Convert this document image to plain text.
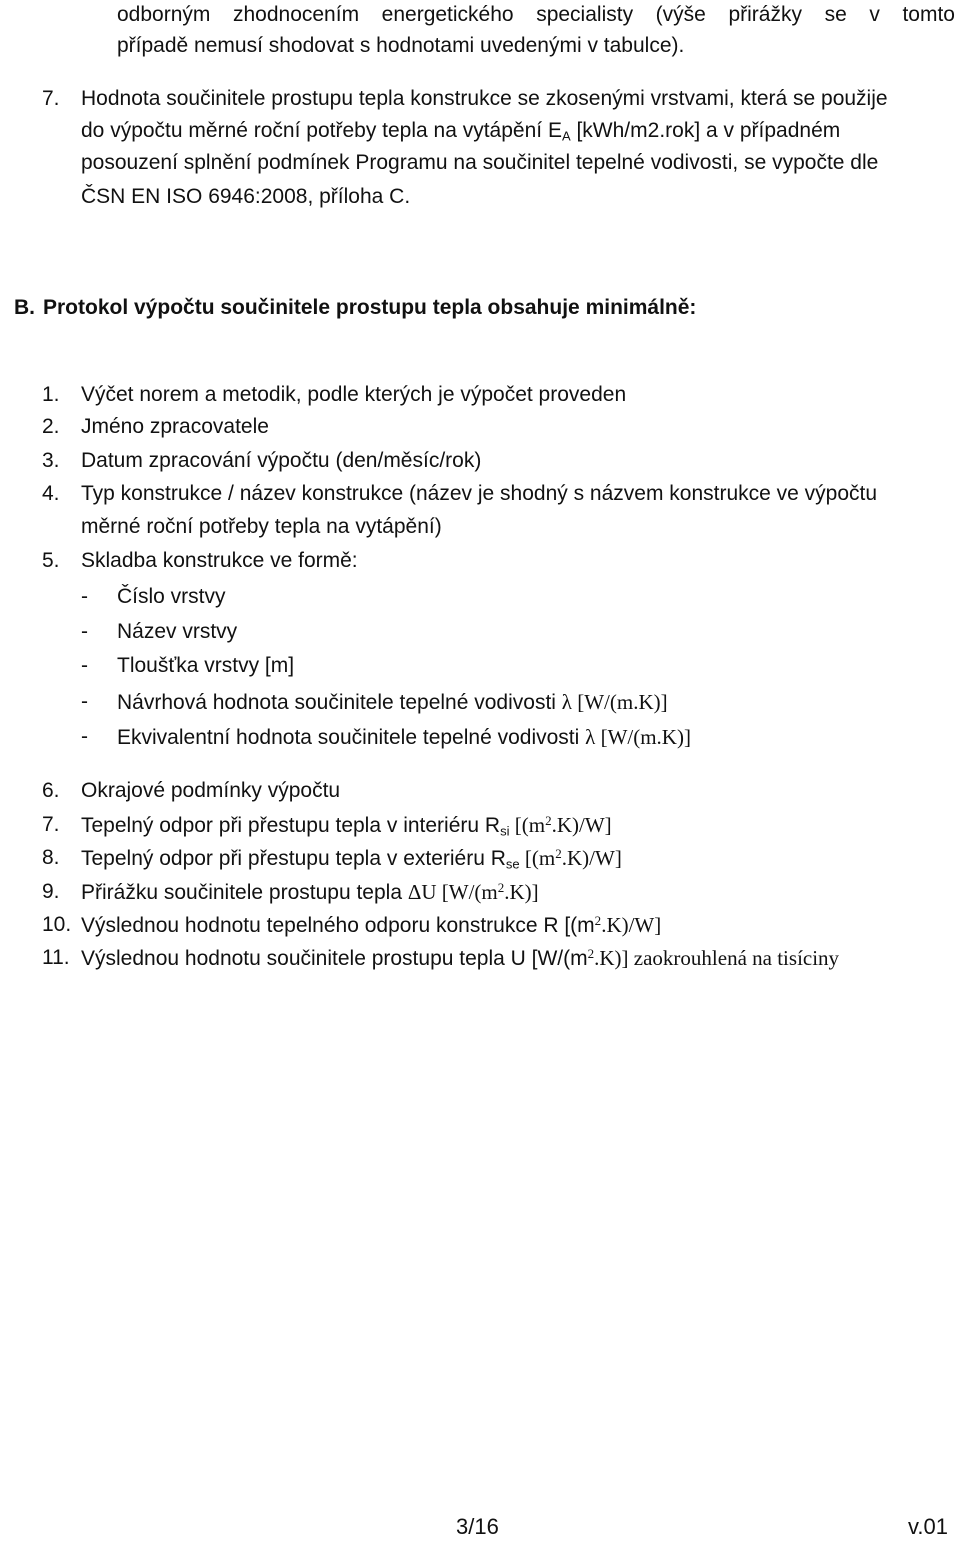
odborným zhodnocením energetického specialisty (výše přirážky se v tomto
případě nemusí shodovat s hodnotami uvedenými v tabulce).
7. Hodnota součinitele prostupu tepla konstrukce se zkosenými vrstvami, která se použije
do výpočtu měrné roční potřeby tepla na vytápění $E_A$ [kWh/m2.rok] a v případném
posouzení splnění podmínek Programu na součinitel tepelné vodivosti, se vypočte dle
ČSN EN ISO 6946:2008, příloha C.
B. Protokol výpočtu součinitele prostupu tepla obsahuje minimálně:
1. Výčet norem a metodik, podle kterých je výpočet proveden
2. Jméno zpracovatele
3. Datum zpracování výpočtu (den/měsíc/rok)
4. Typ konstrukce / název konstrukce (název je shodný s názvem konstrukce ve výpočtu
měrné roční potřeby tepla na vytápění)
5. Skladba konstrukce ve formě:
- Číslo vrstvy
- Název vrstvy
- Tloušťka vrstvy [m]
- Návrhová hodnota součinitele tepelné vodivosti λ [W/(m.K)]
- Ekvivalentní hodnota součinitele tepelné vodivosti λ [W/(m.K)]
6. Okrajové podmínky výpočtu
7. Tepelný odpor při přestupu tepla v interiéru $R_{si}$ $[(m^2.K)/W]$
8. Tepelný odpor při přestupu tepla v exteriéru $R_{se}$ $[(m^2.K)/W]$
9. Přirážku součinitele prostupu tepla ΔU $[W/(m^2.K)]$
10. Výslednou hodnotu tepelného odporu konstrukce R $[(m^2.K)/W]$
11. Výslednou hodnotu součinitele prostupu tepla U $[W/(m^2.K)]$ zaokrouhlená na tisíciny
3/16	v.01
